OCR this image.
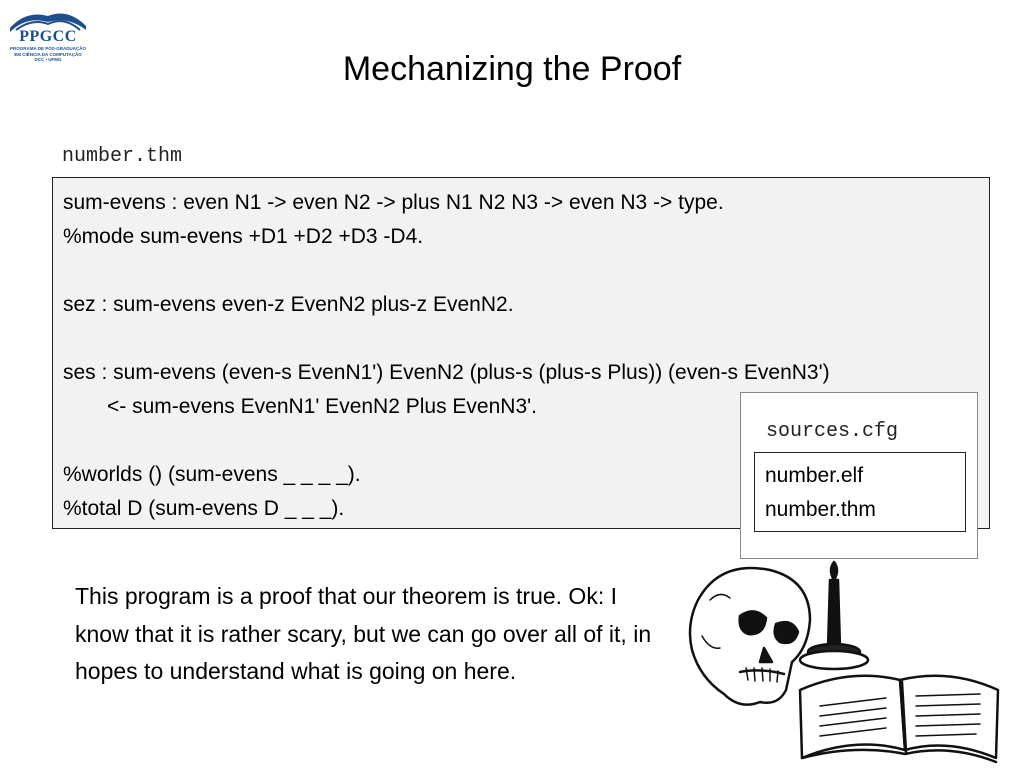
PPGCC
PROGRAMA DE PÓS-GRADUAÇÃO
EM CIÊNCIA DA COMPUTAÇÃO
DCC • UFMG	Mechanizing the Proof
number.thm
sum-evens : even N1 -> even N2 -> plus N1 N2 N3 -> even N3 -> type.
%mode sum-evens +D1 +D2 +D3 -D4.
sez : sum-evens even-z EvenN2 plus-z EvenN2.
ses : sum-evens (even-s EvenN1') EvenN2 (plus-s (plus-s Plus)) (even-s EvenN3')
<- sum-evens EvenN1' EvenN2 Plus EvenN3'.
%worlds () (sum-evens _ _ _ _).
%total D (sum-evens D _ _ _).
sources.cfg
number.elf
number.thm
This program is a proof that our theorem is true. Ok: I know that it is rather scary, but we can go over all of it, in hopes to understand what is going on here.
